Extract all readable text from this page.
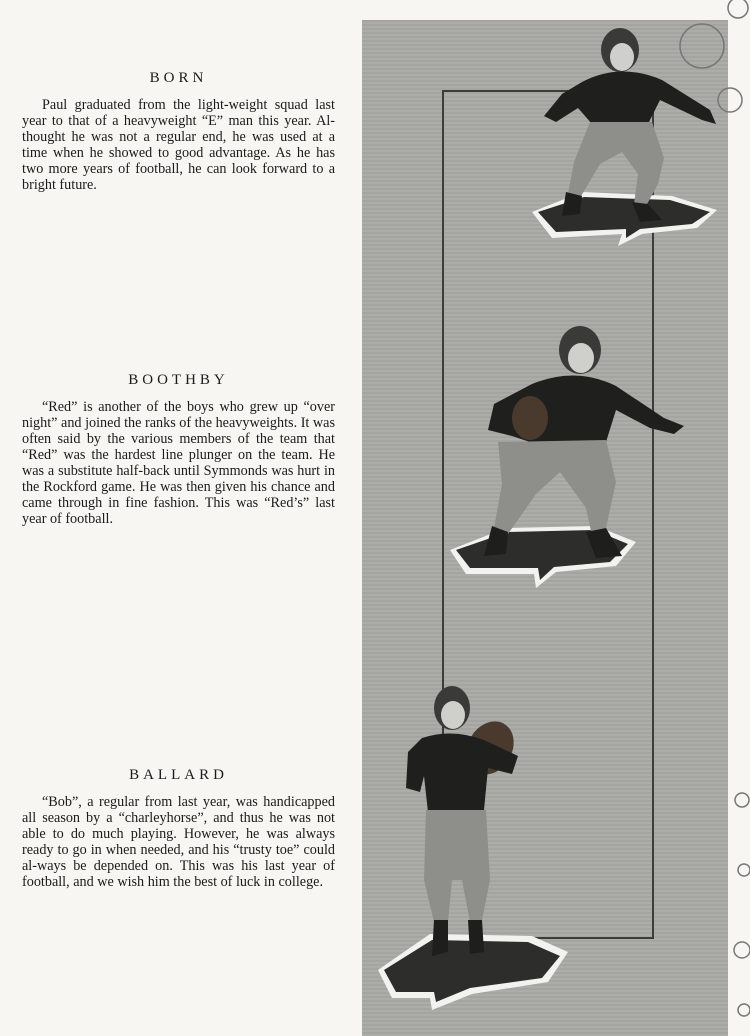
BORN

Paul graduated from the light-weight squad last year to that of a heavyweight “E” man this year. Al-thought he was not a regular end, he was used at a time when he showed to good advantage. As he has two more years of football, he can look forward to a bright future.

BOOTHBY

“Red” is another of the boys who grew up “over night” and joined the ranks of the heavyweights. It was often said by the various members of the team that “Red” was the hardest line plunger on the team. He was a substitute half-back until Symmonds was hurt in the Rockford game. He was then given his chance and came through in fine fashion. This was “Red’s” last year of football.

BALLARD

“Bob”, a regular from last year, was handicapped all season by a “charleyhorse”, and thus he was not able to do much playing. However, he was always ready to go in when needed, and his “trusty toe” could al-ways be depended on. This was his last year of football, and we wish him the best of luck in college.
